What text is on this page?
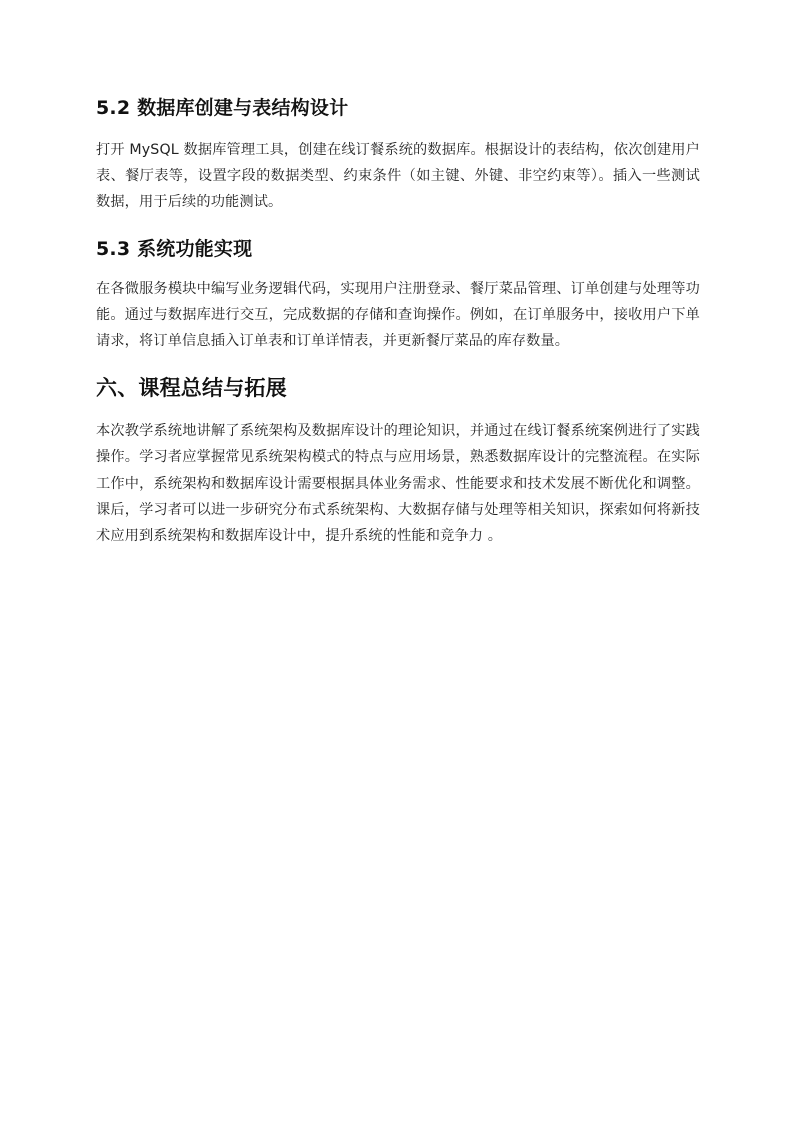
5.2 数据库创建与表结构设计

打开 MySQL 数据库管理工具，创建在线订餐系统的数据库。根据设计的表结构，依次创建用户表、餐厅表等，设置字段的数据类型、约束条件（如主键、外键、非空约束等）。插入一些测试数据，用于后续的功能测试。

5.3 系统功能实现

在各微服务模块中编写业务逻辑代码，实现用户注册登录、餐厅菜品管理、订单创建与处理等功能。通过与数据库进行交互，完成数据的存储和查询操作。例如，在订单服务中，接收用户下单请求，将订单信息插入订单表和订单详情表，并更新餐厅菜品的库存数量。

六、课程总结与拓展

本次教学系统地讲解了系统架构及数据库设计的理论知识，并通过在线订餐系统案例进行了实践操作。学习者应掌握常见系统架构模式的特点与应用场景，熟悉数据库设计的完整流程。在实际工作中，系统架构和数据库设计需要根据具体业务需求、性能要求和技术发展不断优化和调整。课后，学习者可以进一步研究分布式系统架构、大数据存储与处理等相关知识，探索如何将新技术应用到系统架构和数据库设计中，提升系统的性能和竞争力 。
